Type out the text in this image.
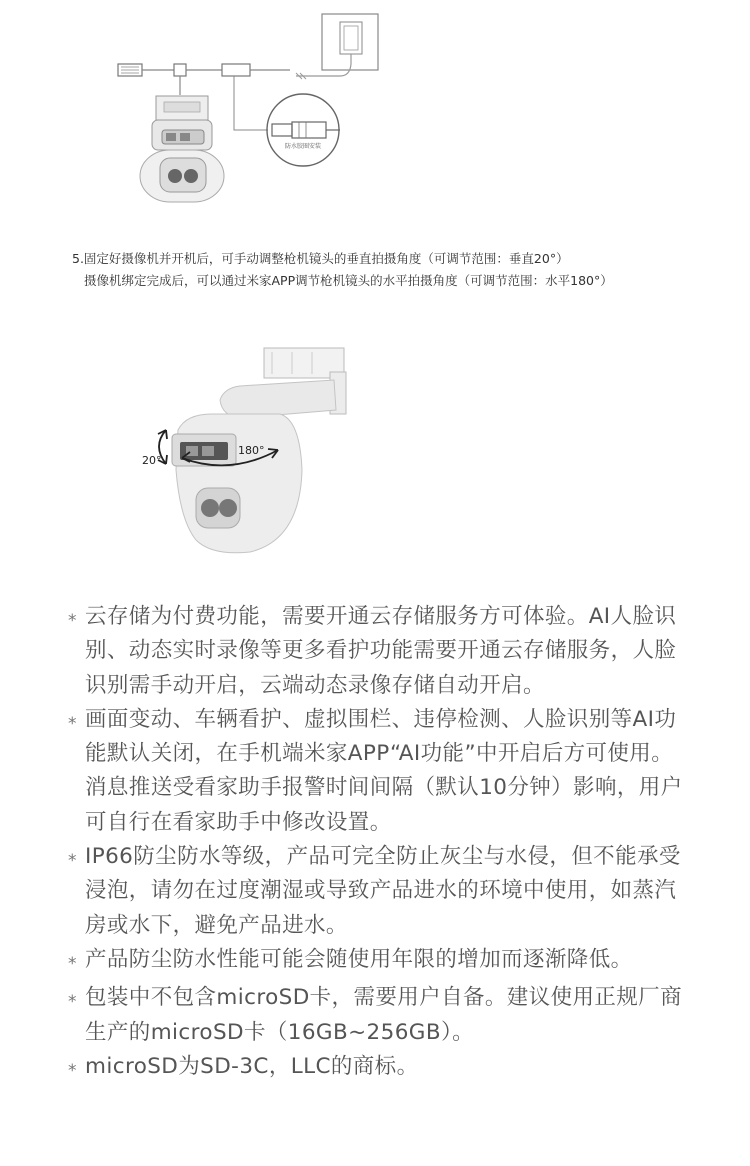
防水胶圈安装
5.固定好摄像机并开机后，可手动调整枪机镜头的垂直拍摄角度（可调节范围：垂直20°）
摄像机绑定完成后，可以通过米家APP调节枪机镜头的水平拍摄角度（可调节范围：水平180°）
180°
20°
* 云存储为付费功能，需要开通云存储服务方可体验。AI人脸识别、动态实时录像等更多看护功能需要开通云存储服务，人脸识别需手动开启，云端动态录像存储自动开启。
* 画面变动、车辆看护、虚拟围栏、违停检测、人脸识别等AI功能默认关闭，在手机端米家APP“AI功能”中开启后方可使用。消息推送受看家助手报警时间间隔（默认10分钟）影响，用户可自行在看家助手中修改设置。
* IP66防尘防水等级，产品可完全防止灰尘与水侵，但不能承受浸泡，请勿在过度潮湿或导致产品进水的环境中使用，如蒸汽房或水下，避免产品进水。
* 产品防尘防水性能可能会随使用年限的增加而逐渐降低。
* 包装中不包含microSD卡，需要用户自备。建议使用正规厂商生产的microSD卡（16GB~256GB）。
* microSD为SD-3C，LLC的商标。
